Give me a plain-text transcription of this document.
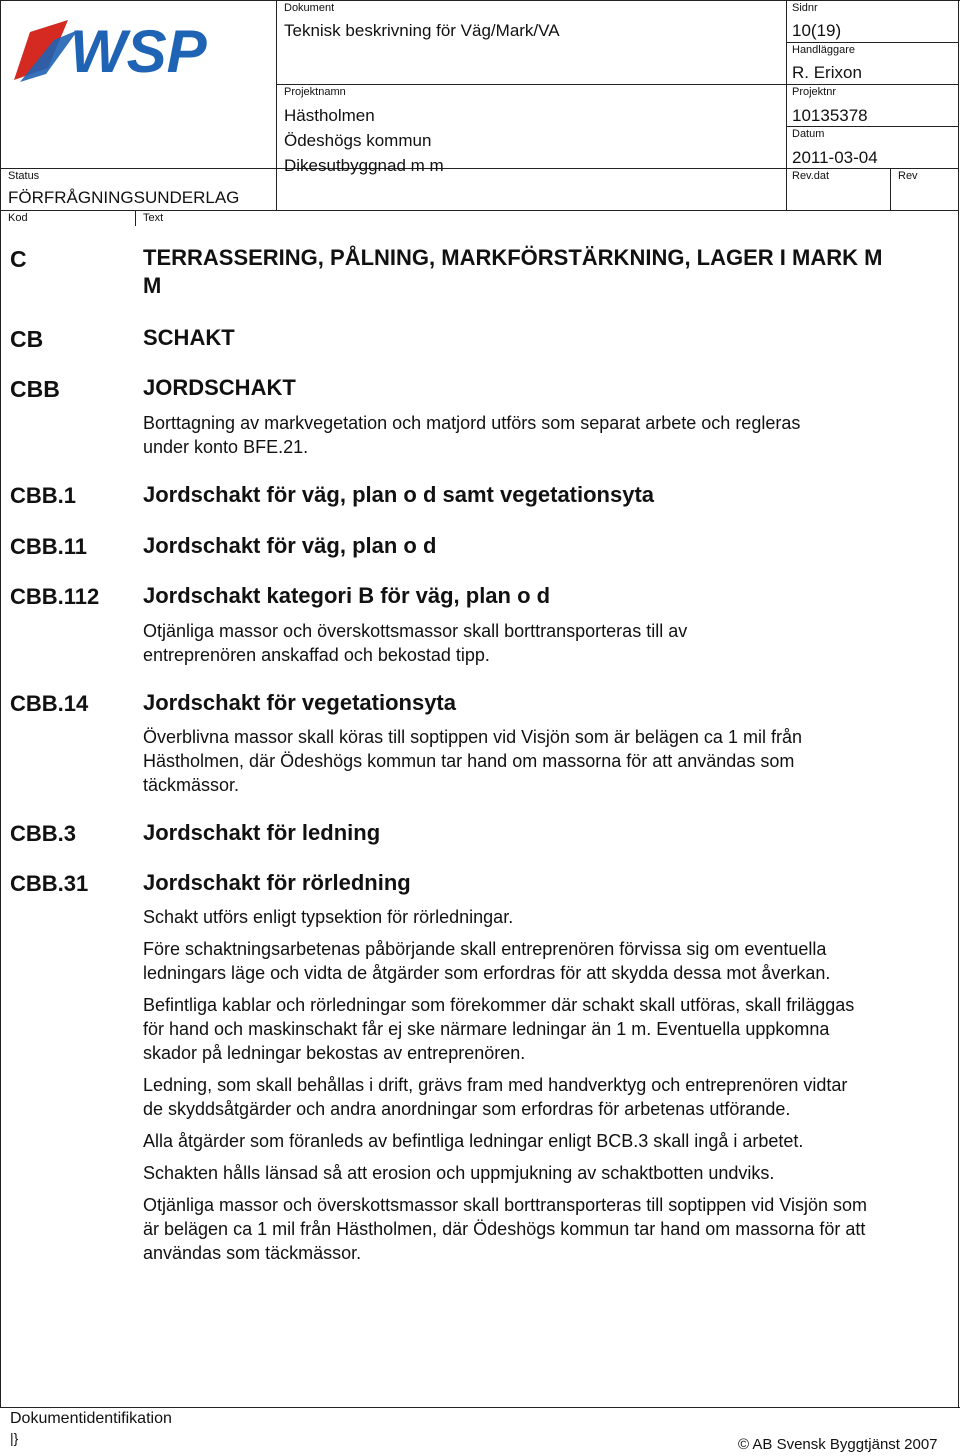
WSP
Dokument
Teknisk beskrivning för Väg/Mark/VA
Sidnr
10(19)
Handläggare
R. Erixon
Projektnamn
Hästholmen
Ödeshögs kommun
Dikesutbyggnad m m
Projektnr
10135378
Datum
2011-03-04
Status
FÖRFRÅGNINGSUNDERLAG
Rev.dat	Rev
Kod	Text
C	TERRASSERING, PÅLNING, MARKFÖRSTÄRKNING, LAGER I MARK M M
CB	SCHAKT
CBB	JORDSCHAKT
Borttagning av markvegetation och matjord utförs som separat arbete och regleras under konto BFE.21.
CBB.1	Jordschakt för väg, plan o d samt vegetationsyta
CBB.11	Jordschakt för väg, plan o d
CBB.112 Jordschakt kategori B för väg, plan o d
Otjänliga massor och överskottsmassor skall borttransporteras till av entreprenören anskaffad och bekostad tipp.
CBB.14 Jordschakt för vegetationsyta
Överblivna massor skall köras till soptippen vid Visjön som är belägen ca 1 mil från Hästholmen, där Ödeshögs kommun tar hand om massorna för att användas som täckmässor.
CBB.3	Jordschakt för ledning
CBB.31 Jordschakt för rörledning

Schakt utförs enligt typsektion för rörledningar.

Före schaktningsarbetenas påbörjande skall entreprenören förvissa sig om eventuella ledningars läge och vidta de åtgärder som erfordras för att skydda dessa mot åverkan.

Befintliga kablar och rörledningar som förekommer där schakt skall utföras, skall friläggas för hand och maskinschakt får ej ske närmare ledningar än 1 m. Eventuella uppkomna skador på ledningar bekostas av entreprenören.

Ledning, som skall behållas i drift, grävs fram med handverktyg och entreprenören vidtar de skyddsåtgärder och andra anordningar som erfordras för arbetenas utförande.

Alla åtgärder som föranleds av befintliga ledningar enligt BCB.3 skall ingå i arbetet.

Schakten hålls länsad så att erosion och uppmjukning av schaktbotten undviks.

Otjänliga massor och överskottsmassor skall borttransporteras till soptippen vid Visjön som är belägen ca 1 mil från Hästholmen, där Ödeshögs kommun tar hand om massorna för att användas som täckmässor.

Dokumentidentifikation
|}	© AB Svensk Byggtjänst 2007
